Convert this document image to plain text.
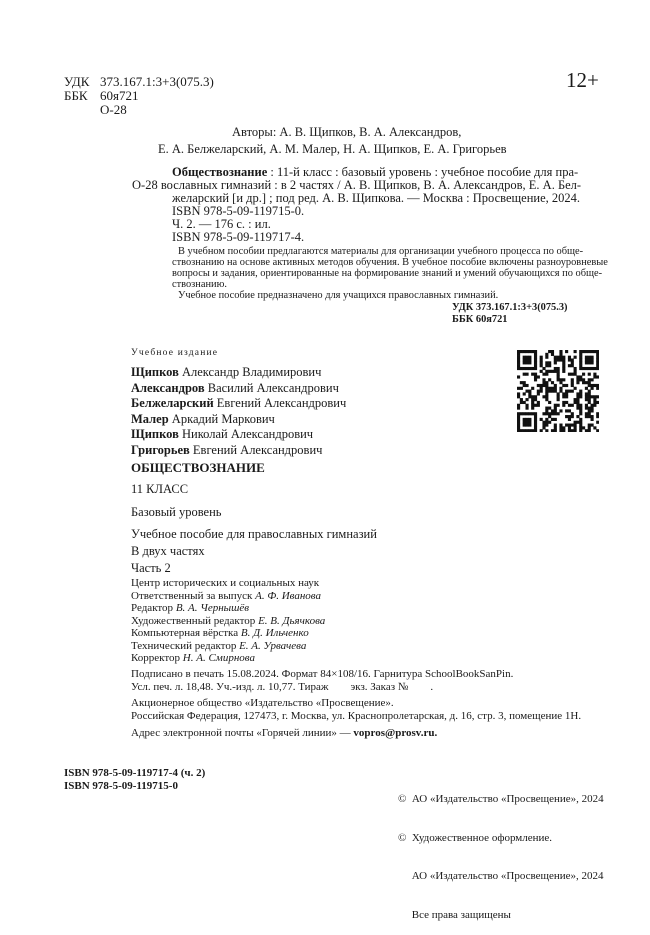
УДК 373.167.1:3+3(075.3)
ББК 60я721
О-28
12+
Авторы: А. В. Щипков, В. А. Александров,
Е. А. Белжеларский, А. М. Малер, Н. А. Щипков, Е. А. Григорьев
Обществознание : 11-й класс : базовый уровень : учебное пособие для пра-
О-28 вославных гимназий : в 2 частях / А. В. Щипков, В. А. Александров, Е. А. Бел-
желарский [и др.] ; под ред. А. В. Щипкова. — Москва : Просвещение, 2024.
ISBN 978-5-09-119715-0.
Ч. 2. — 176 с. : ил.
ISBN 978-5-09-119717-4.
В учебном пособии предлагаются материалы для организации учебного процесса по обще-
ствознанию на основе активных методов обучения. В учебное пособие включены разноуровневые
вопросы и задания, ориентированные на формирование знаний и умений обучающихся по обще-
ствознанию.
Учебное пособие предназначено для учащихся православных гимназий.
УДК 373.167.1:3+3(075.3)
ББК 60я721
Учебное издание
Щипков Александр Владимирович
Александров Василий Александрович
Белжеларский Евгений Александрович
Малер Аркадий Маркович
Щипков Николай Александрович
Григорьев Евгений Александрович
ОБЩЕСТВОЗНАНИЕ
11 КЛАСС
Базовый уровень
Учебное пособие для православных гимназий
В двух частях
Часть 2
Центр исторических и социальных наук
Ответственный за выпуск А. Ф. Иванова
Редактор В. А. Чернышёв
Художественный редактор Е. В. Дьячкова
Компьютерная вёрстка В. Д. Ильченко
Технический редактор Е. А. Урвачева
Корректор Н. А. Смирнова
Подписано в печать 15.08.2024. Формат 84×108/16. Гарнитура SchoolBookSanPin.
Усл. печ. л. 18,48. Уч.-изд. л. 10,77. Тираж        экз. Заказ №        .
Акционерное общество «Издательство «Просвещение».
Российская Федерация, 127473, г. Москва, ул. Краснопролетарская, д. 16, стр. 3, помещение 1Н.
Адрес электронной почты «Горячей линии» — vopros@prosv.ru.
ISBN 978-5-09-119717-4 (ч. 2)
ISBN 978-5-09-119715-0

©  АО «Издательство «Просвещение», 2024

©  Художественное оформление.

АО «Издательство «Просвещение», 2024

Все права защищены
